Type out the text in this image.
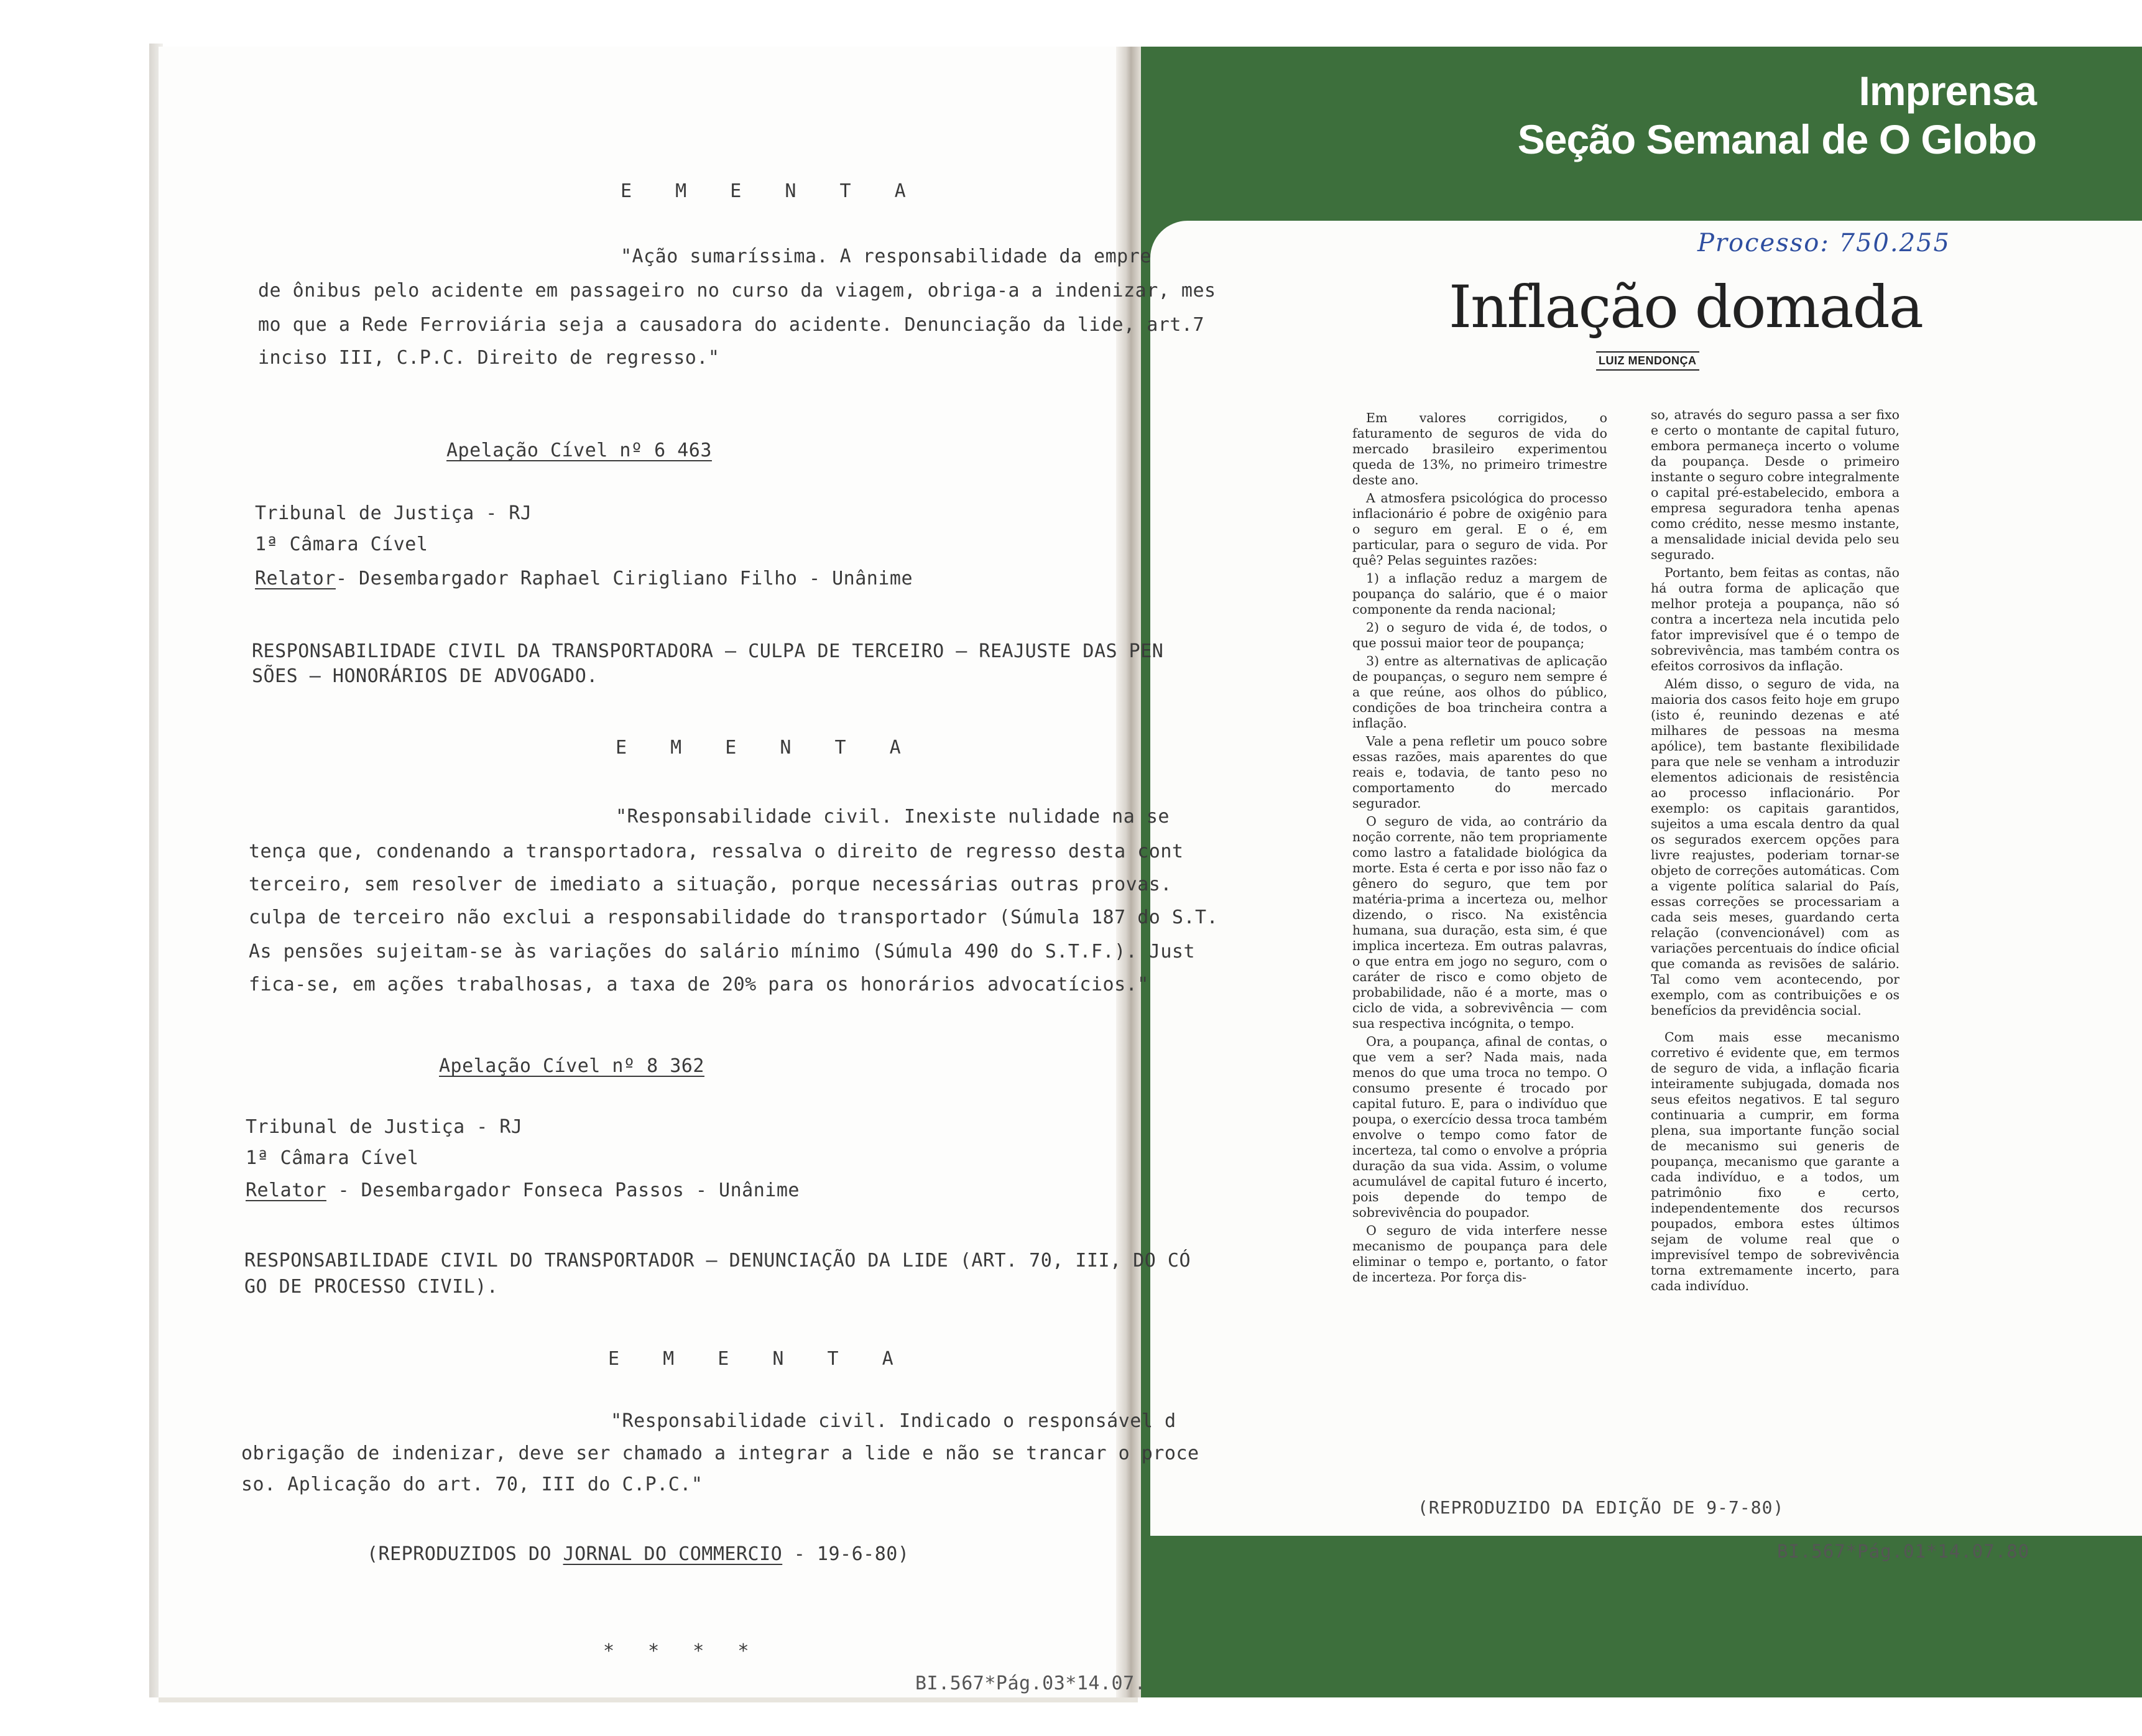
E M E N T A
"Ação sumaríssima. A responsabilidade da empre
de ônibus pelo acidente em passageiro no curso da viagem, obriga-a a indenizar, mes
mo que a Rede Ferroviária seja a causadora do acidente. Denunciação da lide, art.7
inciso III, C.P.C. Direito de regresso."
Apelação Cível nº 6 463
Tribunal de Justiça - RJ
1ª Câmara Cível
Relator- Desembargador Raphael Cirigliano Filho - Unânime
RESPONSABILIDADE CIVIL DA TRANSPORTADORA — CULPA DE TERCEIRO — REAJUSTE DAS PEN
SÕES — HONORÁRIOS DE ADVOGADO.
E M E N T A
"Responsabilidade civil. Inexiste nulidade na se
tença que, condenando a transportadora, ressalva o direito de regresso desta cont
terceiro, sem resolver de imediato a situação, porque necessárias outras provas.
culpa de terceiro não exclui a responsabilidade do transportador (Súmula 187 do S.T.
As pensões sujeitam-se às variações do salário mínimo (Súmula 490 do S.T.F.). Just
fica-se, em ações trabalhosas, a taxa de 20% para os honorários advocatícios."
Apelação Cível nº 8 362
Tribunal de Justiça - RJ
1ª Câmara Cível
Relator - Desembargador Fonseca Passos - Unânime
RESPONSABILIDADE CIVIL DO TRANSPORTADOR — DENUNCIAÇÃO DA LIDE (ART. 70, III, DO CÓ
GO DE PROCESSO CIVIL).
E M E N T A
"Responsabilidade civil. Indicado o responsável d
obrigação de indenizar, deve ser chamado a integrar a lide e não se trancar o proce
so. Aplicação do art. 70, III do C.P.C."
(REPRODUZIDOS DO JORNAL DO COMMERCIO - 19-6-80)
* * * *
BI.567*Pág.03*14.07.
Imprensa
Seção Semanal de O Globo
Processo: 750.255
Inflação domada
LUIZ MENDONÇA

Em valores corrigidos, o faturamento de seguros de vida do mercado brasileiro experimentou queda de 13%, no primeiro trimestre deste ano.

A atmosfera psicológica do processo inflacionário é pobre de oxigênio para o seguro em geral. E o é, em particular, para o seguro de vida. Por quê? Pelas seguintes razões:

1) a inflação reduz a margem de poupança do salário, que é o maior componente da renda nacional;

2) o seguro de vida é, de todos, o que possui maior teor de poupança;

3) entre as alternativas de aplicação de poupanças, o seguro nem sempre é a que reúne, aos olhos do público, condições de boa trincheira contra a inflação.

Vale a pena refletir um pouco sobre essas razões, mais aparentes do que reais e, todavia, de tanto peso no comportamento do mercado segurador.

O seguro de vida, ao contrário da noção corrente, não tem propriamente como lastro a fatalidade biológica da morte. Esta é certa e por isso não faz o gênero do seguro, que tem por matéria-prima a incerteza ou, melhor dizendo, o risco. Na existência humana, sua duração, esta sim, é que implica incerteza. Em outras palavras, o que entra em jogo no seguro, com o caráter de risco e como objeto de probabilidade, não é a morte, mas o ciclo de vida, a sobrevivência — com sua respectiva incógnita, o tempo.

Ora, a poupança, afinal de contas, o que vem a ser? Nada mais, nada menos do que uma troca no tempo. O consumo presente é trocado por capital futuro. E, para o indivíduo que poupa, o exercício dessa troca também envolve o tempo como fator de incerteza, tal como o envolve a própria duração da sua vida. Assim, o volume acumulável de capital futuro é incerto, pois depende do tempo de sobrevivência do poupador.

O seguro de vida interfere nesse mecanismo de poupança para dele eliminar o tempo e, portanto, o fator de incerteza. Por força dis-

so, através do seguro passa a ser fixo e certo o montante de capital futuro, embora permaneça incerto o volume da poupança. Desde o primeiro instante o seguro cobre integralmente o capital pré-estabelecido, embora a empresa seguradora tenha apenas como crédito, nesse mesmo instante, a mensalidade inicial devida pelo seu segurado.

Portanto, bem feitas as contas, não há outra forma de aplicação que melhor proteja a poupança, não só contra a incerteza nela incutida pelo fator imprevisível que é o tempo de sobrevivência, mas também contra os efeitos corrosivos da inflação.

Além disso, o seguro de vida, na maioria dos casos feito hoje em grupo (isto é, reunindo dezenas e até milhares de pessoas na mesma apólice), tem bastante flexibilidade para que nele se venham a introduzir elementos adicionais de resistência ao processo inflacionário. Por exemplo: os capitais garantidos, sujeitos a uma escala dentro da qual os segurados exercem opções para livre reajustes, poderiam tornar-se objeto de correções automáticas. Com a vigente política salarial do País, essas correções se processariam a cada seis meses, guardando certa relação (convencionável) com as variações percentuais do índice oficial que comanda as revisões de salário. Tal como vem acontecendo, por exemplo, com as contribuições e os benefícios da previdência social.

Com mais esse mecanismo corretivo é evidente que, em termos de seguro de vida, a inflação ficaria inteiramente subjugada, domada nos seus efeitos negativos. E tal seguro continuaria a cumprir, em forma plena, sua importante função social de mecanismo sui generis de poupança, mecanismo que garante a cada indivíduo, e a todos, um patrimônio fixo e certo, independentemente dos recursos poupados, embora estes últimos sejam de volume real que o imprevisível tempo de sobrevivência torna extremamente incerto, para cada indivíduo.

(REPRODUZIDO DA EDIÇÃO DE 9-7-80)
BI.567*Pág.01*14.07.80
